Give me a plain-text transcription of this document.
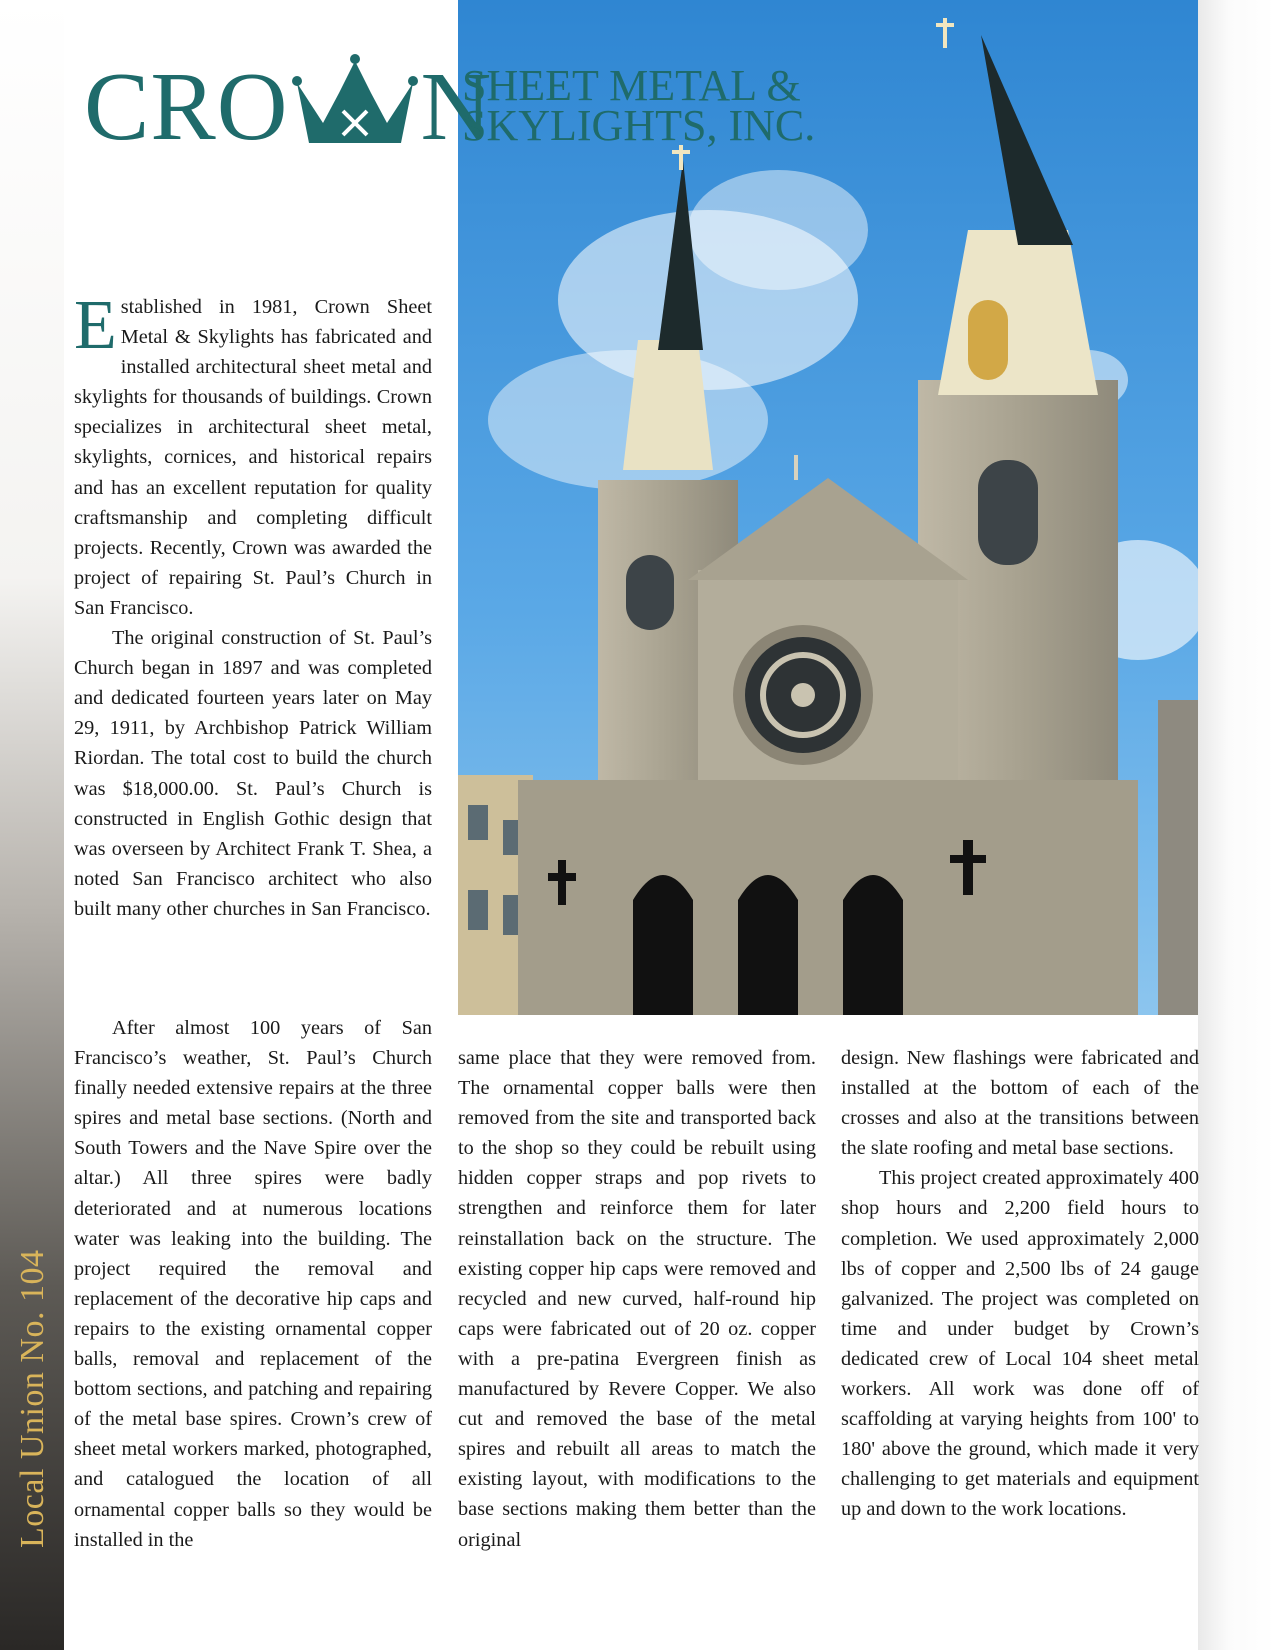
Local Union No. 104
CRO N
SHEET METAL &
SKYLIGHTS, INC.

Established in 1981, Crown Sheet Metal & Skylights has fabricated and installed architectural sheet metal and skylights for thousands of buildings. Crown specializes in architectural sheet metal, skylights, cornices, and historical repairs and has an excellent reputation for quality craftsmanship and completing difficult projects. Recently, Crown was awarded the project of repairing St. Paul’s Church in San Francisco.

The original construction of St. Paul’s Church began in 1897 and was completed and dedicated fourteen years later on May 29, 1911, by Archbishop Patrick William Riordan. The total cost to build the church was $18,000.00. St. Paul’s Church is constructed in English Gothic design that was overseen by Architect Frank T. Shea, a noted San Francisco architect who also built many other churches in San Francisco.

After almost 100 years of San Francisco’s weather, St. Paul’s Church finally needed extensive repairs at the three spires and metal base sections. (North and South Towers and the Nave Spire over the altar.) All three spires were badly deteriorated and at numerous locations water was leaking into the building. The project required the removal and replacement of the decorative hip caps and repairs to the existing ornamental copper balls, removal and replacement of the bottom sections, and patching and repairing of the metal base spires. Crown’s crew of sheet metal workers marked, photographed, and catalogued the location of all ornamental copper balls so they would be installed in the

same place that they were removed from. The ornamental copper balls were then removed from the site and transported back to the shop so they could be rebuilt using hidden copper straps and pop rivets to strengthen and reinforce them for later reinstallation back on the structure. The existing copper hip caps were removed and recycled and new curved, half-round hip caps were fabricated out of 20 oz. copper with a pre-patina Evergreen finish as manufactured by Revere Copper. We also cut and removed the base of the metal spires and rebuilt all areas to match the existing layout, with modifications to the base sections making them better than the original

design. New flashings were fabricated and installed at the bottom of each of the crosses and also at the transitions between the slate roofing and metal base sections.

This project created approximately 400 shop hours and 2,200 field hours to completion. We used approximately 2,000 lbs of copper and 2,500 lbs of 24 gauge galvanized. The project was completed on time and under budget by Crown’s dedicated crew of Local 104 sheet metal workers. All work was done off of scaffolding at varying heights from 100' to 180' above the ground, which made it very challenging to get materials and equipment up and down to the work locations.
